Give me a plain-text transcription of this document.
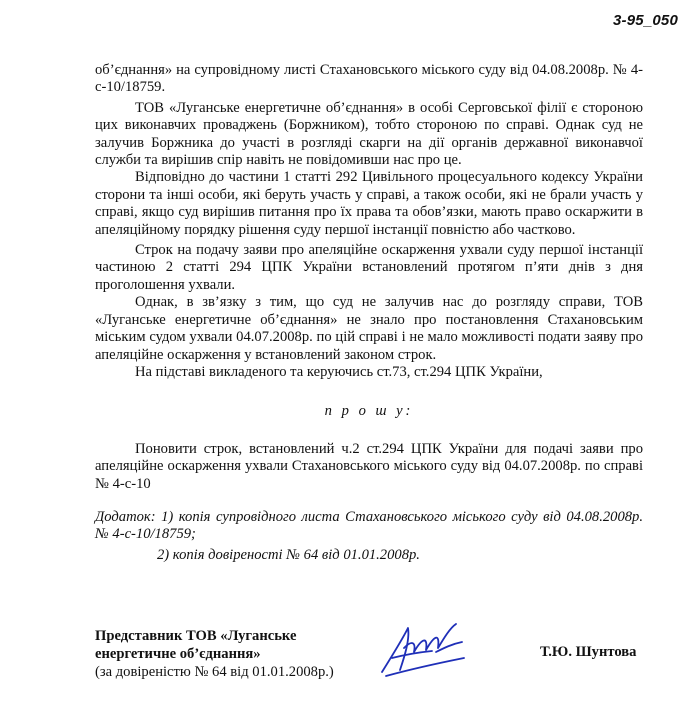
3-95_050

об’єднання» на супровідному листі Стахановського міського суду від 04.08.2008р. № 4-с-10/18759.

ТОВ «Луганське енергетичне об’єднання» в особі Серговської філії є стороною цих виконавчих проваджень (Боржником), тобто стороною по справі. Однак суд не залучив Боржника до участі в розгляді скарги на дії органів державної виконавчої служби та вирішив спір навіть не повідомивши нас про це.

Відповідно до частини 1 статті 292 Цивільного процесуального кодексу України сторони та інші особи, які беруть участь у справі, а також особи, які не брали участь у справі, якщо суд вирішив питання про їх права та обов’язки, мають право оскаржити в апеляційному порядку рішення суду першої інстанції повністю або частково.

Строк на подачу заяви про апеляційне оскарження ухвали суду першої інстанції частиною 2 статті 294 ЦПК України встановлений протягом п’яти днів з дня проголошення ухвали.

Однак, в зв’язку з тим, що суд не залучив нас до розгляду справи, ТОВ «Луганське енергетичне об’єднання» не знало про постановлення Стахановським міським судом ухвали 04.07.2008р. по цій справі і не мало можливості подати заяву про апеляційне оскарження у встановлений законом строк.

На підставі викладеного та керуючись ст.73, ст.294 ЦПК України,

п р о ш у:

Поновити строк, встановлений ч.2 ст.294 ЦПК України для подачі заяви про апеляційне оскарження ухвали Стахановського міського суду від 04.07.2008р. по справі № 4-с-10

Додаток: 1) копія супровідного листа Стахановського міського суду від 04.08.2008р. № 4-с-10/18759;

2) копія довіреності № 64 від 01.01.2008р.

Представник ТОВ «Луганське
енергетичне об’єднання»
(за довіреністю № 64 від 01.01.2008р.)
Т.Ю. Шунтова
